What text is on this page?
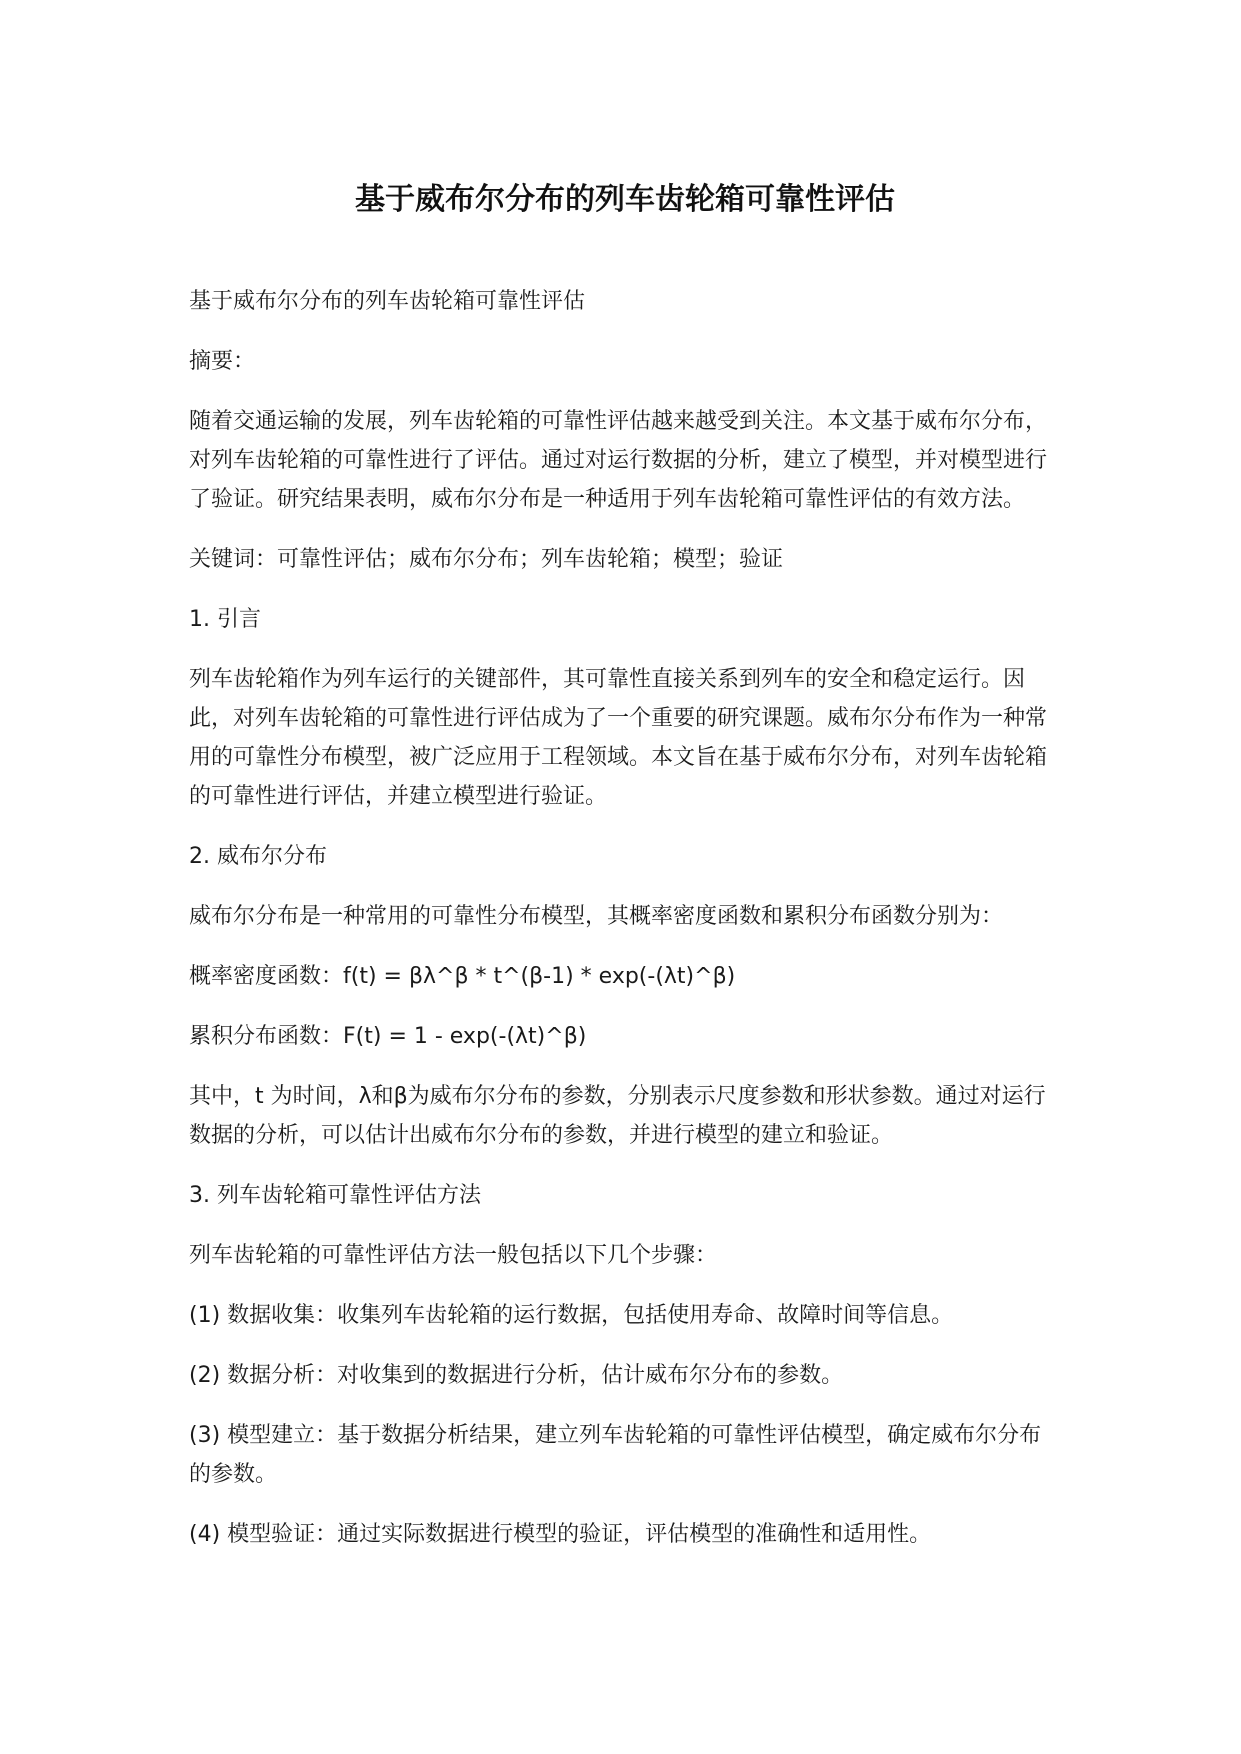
基于威布尔分布的列车齿轮箱可靠性评估

基于威布尔分布的列车齿轮箱可靠性评估

摘要：

随着交通运输的发展，列车齿轮箱的可靠性评估越来越受到关注。本文基于威布尔分布，对列车齿轮箱的可靠性进行了评估。通过对运行数据的分析，建立了模型，并对模型进行了验证。研究结果表明，威布尔分布是一种适用于列车齿轮箱可靠性评估的有效方法。

关键词：可靠性评估；威布尔分布；列车齿轮箱；模型；验证

1. 引言

列车齿轮箱作为列车运行的关键部件，其可靠性直接关系到列车的安全和稳定运行。因此，对列车齿轮箱的可靠性进行评估成为了一个重要的研究课题。威布尔分布作为一种常用的可靠性分布模型，被广泛应用于工程领域。本文旨在基于威布尔分布，对列车齿轮箱的可靠性进行评估，并建立模型进行验证。

2. 威布尔分布

威布尔分布是一种常用的可靠性分布模型，其概率密度函数和累积分布函数分别为：

概率密度函数：f(t) = βλ^β * t^(β-1) * exp(-(λt)^β)

累积分布函数：F(t) = 1 - exp(-(λt)^β)

其中，t 为时间，λ和β为威布尔分布的参数，分别表示尺度参数和形状参数。通过对运行数据的分析，可以估计出威布尔分布的参数，并进行模型的建立和验证。

3. 列车齿轮箱可靠性评估方法

列车齿轮箱的可靠性评估方法一般包括以下几个步骤：

(1) 数据收集：收集列车齿轮箱的运行数据，包括使用寿命、故障时间等信息。

(2) 数据分析：对收集到的数据进行分析，估计威布尔分布的参数。

(3) 模型建立：基于数据分析结果，建立列车齿轮箱的可靠性评估模型，确定威布尔分布的参数。

(4) 模型验证：通过实际数据进行模型的验证，评估模型的准确性和适用性。
